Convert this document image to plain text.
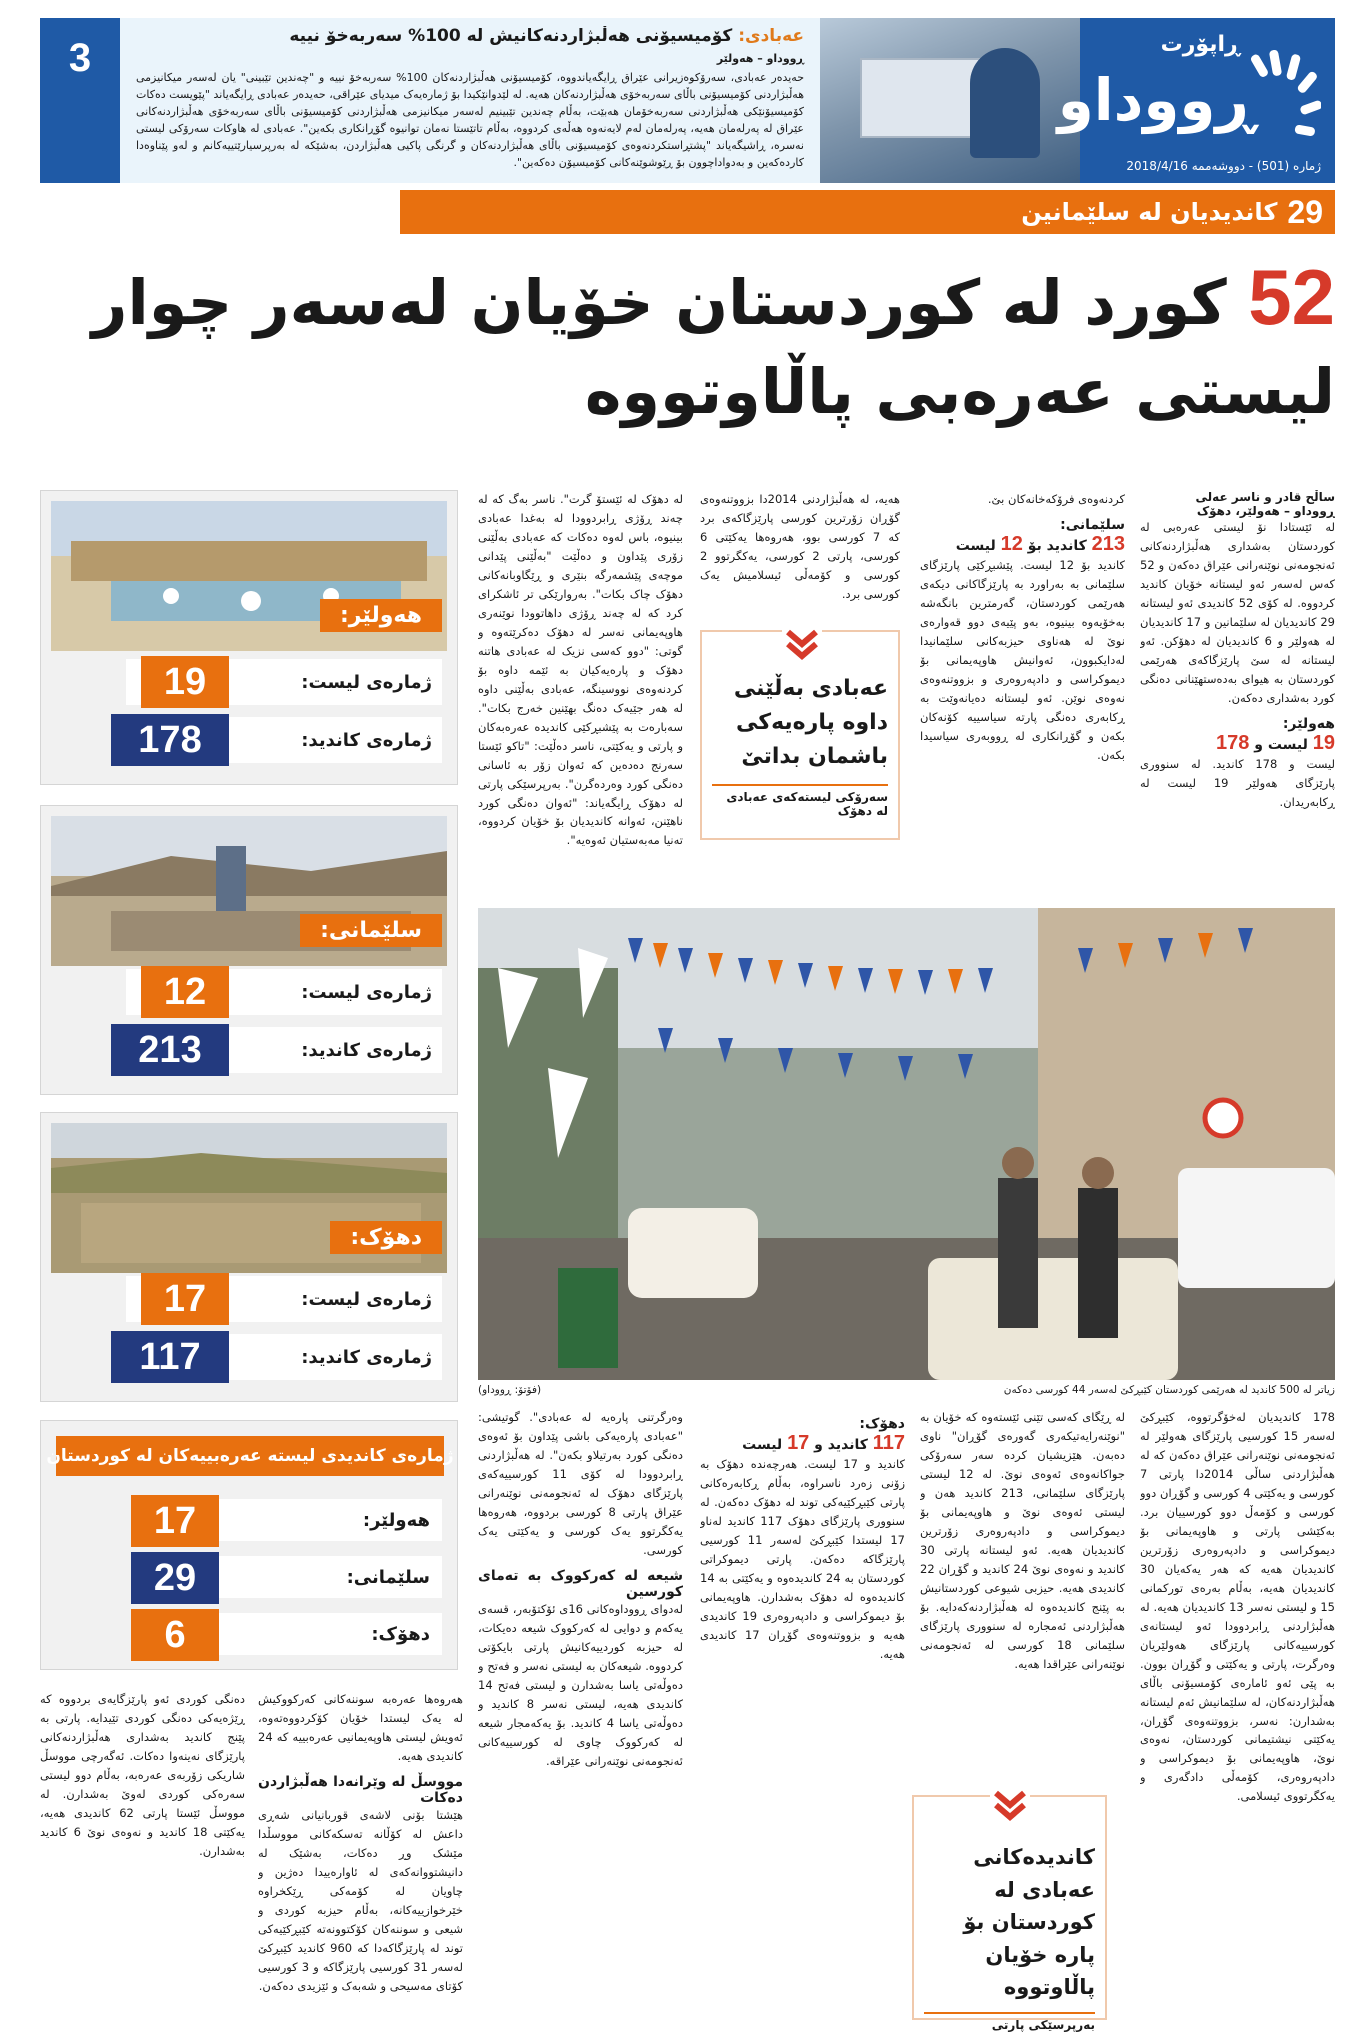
3	عەبادی: کۆمیسیۆنی هەڵبژاردنەکانیش لە 100% سەربەخۆ نییە
ڕووداو – هەولێر
حەیدەر عەبادی، سەرۆکوەزیرانی عێراق ڕایگەیاندووە، کۆمیسیۆنی هەڵبژاردنەکان 100% سەربەخۆ نییە و "چەندین تێبینی" یان لەسەر میکانیزمی هەڵبژاردنی کۆمیسیۆنی باڵای سەربەخۆی هەڵبژاردنەکان هەیە. لە لێدوانێکیدا بۆ ژمارەیەک میدیای عێراقی، حەیدەر عەبادی ڕایگەیاند "پێویست دەکات کۆمیسیۆنێکی هەڵبژاردنی سەربەخۆمان هەبێت، بەڵام چەندین تێبینیم لەسەر میکانیزمی هەڵبژاردنی کۆمیسیۆنی باڵای سەربەخۆی هەڵبژاردنەکانی عێراق لە پەرلەمان هەیە، پەرلەمان لەم لایەنەوە هەڵەی کردووە، بەڵام تاتێستا نەمان توانیوە گۆڕانکاری بکەین". عەبادی لە هاوکات سەرۆکی لیستی نەسرە، ڕاشیگەیاند "پشتڕاستکردنەوەی کۆمیسیۆنی باڵای هەڵبژاردنەکان و گرنگی پاکیی هەڵبژاردن، بەشێکە لە بەرپرسیارێتییەکانم و لەو پێناوەدا کاردەکەین و بەدواداچوون بۆ ڕێوشوێنەکانی کۆمیسیۆن دەکەین".
ڕاپۆرت
ڕووداو
ژمارە (501) - دووشەممە 2018/4/16
29
کاندیدیان لە سلێمانین
52 کورد لە کوردستان خۆیان لەسەر چوار
لیستی عەرەبی پاڵاوتووە
ساڵح قادر و ناسر عەلی
ڕووداو – هەولێر، دهۆک
لە ئێستادا نۆ لیستی عەرەبی لە کوردستان بەشداری هەڵبژاردنەکانی ئەنجومەنی نوێنەرانی عێراق دەکەن و 52 کەس لەسەر ئەو لیستانە خۆیان کاندید کردووە. لە کۆی 52 کاندیدی ئەو لیستانە 29 کاندیدیان لە سلێمانین و 17 کاندیدیان لە هەولێر و 6 کاندیدیان لە دهۆکن. ئەو لیستانە لە سێ پارێزگاکەی هەرێمی کوردستان بە هیوای بەدەستهێنانی دەنگی کورد بەشداری دەکەن.
هەولێر:
19 لیست و 178
لیست و 178 کاندید. لە سنووری پارێزگای هەولێر 19 لیست لە ڕکابەریدان.
کردنەوەی فرۆکەخانەکان بێ.
سلێمانی:
213 کاندید بۆ 12 لیست
کاندید بۆ 12 لیست. پێشبڕکێی پارێزگای سلێمانی بە بەراورد بە پارێزگاکانی دیکەی هەرێمی کوردستان، گەرمترین بانگەشە بەخۆیەوە بینیوە، بەو پێیەی دوو قەوارەی نوێ لە هەناوی حیزبەکانی سلێمانیدا لەدایکبوون، ئەوانیش هاوپەیمانی بۆ دیموکراسی و دادپەروەری و بزووتنەوەی نەوەی نوێن. ئەو لیستانە دەیانەوێت بە ڕکابەری دەنگی پارتە سیاسییە کۆنەکان بکەن و گۆڕانکاری لە ڕووبەری سیاسیدا بکەن.
هەیە، لە هەڵبژاردنی 2014دا بزووتنەوەی گۆڕان زۆرترین کورسی پارێزگاکەی برد کە 7 کورسی بوو، هەروەها یەکێتی 6 کورسی، پارتی 2 کورسی، یەکگرتوو 2 کورسی و کۆمەڵی ئیسلامیش یەک کورسی برد.
عەبادی بەڵێنی داوە پارەیەکی باشمان بداتێ
سەرۆکی لیستەکەی عەبادی لە دهۆک
لە دهۆک لە ئێستۆ گرت". ناسر بەگ کە لە چەند ڕۆژی ڕابردوودا لە بەغدا عەبادی بینیوە، باس لەوە دەکات کە عەبادی بەڵێنی زۆری پێداون و دەڵێت "بەڵێنی پێدانی موچەی پێشمەرگە بنێری و ڕێگاوبانەکانی دهۆک چاک بکات". بەروارێکی تر ئاشکرای کرد کە لە چەند ڕۆژی داهاتوودا نوێنەری هاوپەیمانی نەسر لە دهۆک دەکرێتەوە و گوتی: "دوو کەسی نزیک لە عەبادی هاتنە دهۆک و پارەیەکیان بە ئێمە داوە بۆ کردنەوەی نووسینگە، عەبادی بەڵێنی داوە لە هەر جێیەک دەنگ بهێنین خەرج بکات". سەبارەت بە پێشبڕکێی کاندیدە عەرەبەکان و پارتی و یەکێتی، ناسر دەڵێت: "تاکو ئێستا سەرنج دەدەین کە ئەوان زۆر بە ئاسانی دەنگی کورد وەردەگرن". بەرپرسێکی پارتی لە دهۆک ڕایگەیاند: "ئەوان دەنگی کورد ناهێنن، ئەوانە کاندیدیان بۆ خۆیان کردووە، تەنیا مەبەستیان ئەوەیە".
هەولێر:
ژمارەی لیست:
19
ژمارەی کاندید:
178
سلێمانی:
ژمارەی لیست:
12
ژمارەی کاندید:
213
دهۆک:
ژمارەی لیست:
17
ژمارەی کاندید:
117
ژمارەی کاندیدی لیستە عەرەبییەکان لە کوردستان
هەولێر:
17
سلێمانی:
29
دهۆک:
6
زیاتر لە 500 کاندید لە هەرێمی کوردستان کێبڕکێ لەسەر 44 کورسی دەکەن
(فۆتۆ: ڕووداو)
178 کاندیدیان لەخۆگرتووە، کێبڕکێ لەسەر 15 کورسیی پارێزگای هەولێر لە ئەنجومەنی نوێنەرانی عێراق دەکەن کە لە هەڵبژاردنی ساڵی 2014دا پارتی 7 کورسی و یەکێتی 4 کورسی و گۆڕان دوو کورسی و کۆمەڵ دوو کورسییان برد. بەکێشی پارتی و هاوپەیمانی بۆ دیموکراسی و دادپەروەری زۆرترین کاندیدیان هەیە کە هەر یەکەیان 30 کاندیدیان هەیە، بەڵام بەرەی تورکمانی 15 و لیستی نەسر 13 کاندیدیان هەیە. لە هەڵبژاردنی ڕابردوودا ئەو لیستانەی کورسییەکانی پارێزگای هەولێریان وەرگرت، پارتی و یەکێتی و گۆڕان بوون. بە پێی ئەو ئامارەی کۆمسیۆنی باڵای هەڵبژاردنەکان، لە سلێمانیش ئەم لیستانە بەشدارن: نەسر، بزووتنەوەی گۆڕان، یەکێتی نیشتیمانی کوردستان، نەوەی نوێ، هاوپەیمانی بۆ دیموکراسی و دادپەروەری، کۆمەڵی دادگەری و یەکگرتووی ئیسلامی.
لە ڕێگای کەسی تێنی ئێستەوە کە خۆیان بە "نوێنەرایەتیکەری گەورەی گۆڕان" ناوی دەبەن. هێزیشیان کردە سەر سەرۆکی جواکانەوەی ئەوەی نوێ. لە 12 لیستی پارێزگای سلێمانی، 213 کاندید هەن و لیستی ئەوەی نوێ و هاوپەیمانی بۆ دیموکراسی و دادپەروەری زۆرترین کاندیدیان هەیە. ئەو لیستانە پارتی 30 کاندید و نەوەی نوێ 24 کاندید و گۆڕان 22 کاندیدی هەیە. حیزبی شیوعی کوردستانیش بە پێنج کاندیدەوە لە هەڵبژاردنەکەدایە. بۆ هەڵبژاردنی ئەمجارە لە سنووری پارێزگای سلێمانی 18 کورسی لە ئەنجومەنی نوێنەرانی عێراقدا هەیە.
کاندیدەکانی عەبادی لە کوردستان بۆ پارە خۆیان پاڵاوتووە
بەرپرسێکی پارتی
دهۆک:
117 کاندید و 17 لیست
کاندید و 17 لیست. هەرچەندە دهۆک بە زۆنی زەرد ناسراوە، بەڵام ڕکابەرەکانی پارتی کێبڕکێیەکی توند لە دهۆک دەکەن. لە سنووری پارێزگای دهۆک 117 کاندید لەناو 17 لیستدا کێبڕکێ لەسەر 11 کورسیی پارێزگاکە دەکەن. پارتی دیموکراتی کوردستان بە 24 کاندیدەوە و یەکێتی بە 14 کاندیدەوە لە دهۆک بەشدارن. هاوپەیمانی بۆ دیموکراسی و دادپەروەری 19 کاندیدی هەیە و بزووتنەوەی گۆڕان 17 کاندیدی هەیە.
وەرگرتنی پارەیە لە عەبادی". گوتیشی: "عەبادی پارەیەکی باشی پێداون بۆ ئەوەی دەنگی کورد بەرتیلاو بکەن". لە هەڵبژاردنی ڕابردوودا لە کۆی 11 کورسییەکەی پارێزگای دهۆک لە ئەنجومەنی نوێنەرانی عێراق پارتی 8 کورسی بردووە، هەروەها یەکگرتوو یەک کورسی و یەکێتی یەک کورسی.
شیعە لە کەرکووک بە تەمای کورسین
لەدوای ڕووداوەکانی 16ی ئۆکتۆبەر، قسەی یەکەم و دوایی لە کەرکووک شیعە دەیکات، لە حیزبە کوردییەکانیش پارتی بایکۆتی کردووە. شیعەکان بە لیستی نەسر و فەتح و دەوڵەتی یاسا بەشدارن و لیستی فەتح 14 کاندیدی هەیە، لیستی نەسر 8 کاندید و دەوڵەتی یاسا 4 کاندید. بۆ یەکەمجار شیعە لە کەرکووک چاوی لە کورسییەکانی ئەنجومەنی نوێنەرانی عێراقە.
هەروەها عەرەبە سوننەکانی کەرکووکیش لە یەک لیستدا خۆیان کۆکردووەتەوە، ئەویش لیستی هاوپەیمانیی عەرەبییە کە 24 کاندیدی هەیە.
مووسڵ لە وێرانەدا هەڵبژاردن دەکات
هێشتا بۆنی لاشەی قوربانیانی شەڕی داعش لە کۆڵانە تەسکەکانی مووسڵدا مێشک وڕ دەکات، بەشێک لە دانیشتووانەکەی لە ئاوارەییدا دەژین و چاویان لە کۆمەکی ڕێکخراوە خێرخوازییەکانە، بەڵام حیزبە کوردی و شیعی و سوننەکان کۆکتوونەتە کێبڕکێیەکی توند لە پارێزگاکەدا کە 960 کاندید کێبڕکێ لەسەر 31 کورسیی پارێزگاکە و 3 کورسیی کۆتای مەسیحی و شەبەک و ئێزیدی دەکەن.
دەنگی کوردی ئەو پارێزگایەی بردووە کە ڕێژەیەکی دەنگی کوردی تێیدایە. پارتی بە پێنج کاندید بەشداری هەڵبژاردنەکانی پارێزگای نەینەوا دەکات. ئەگەرچی مووسڵ شاریکی زۆربەی عەرەبە، بەڵام دوو لیستی سەرەکی کوردی لەوێ بەشدارن. لە مووسڵ ئێستا پارتی 62 کاندیدی هەیە، یەکێتی 18 کاندید و نەوەی نوێ 6 کاندید بەشدارن.
